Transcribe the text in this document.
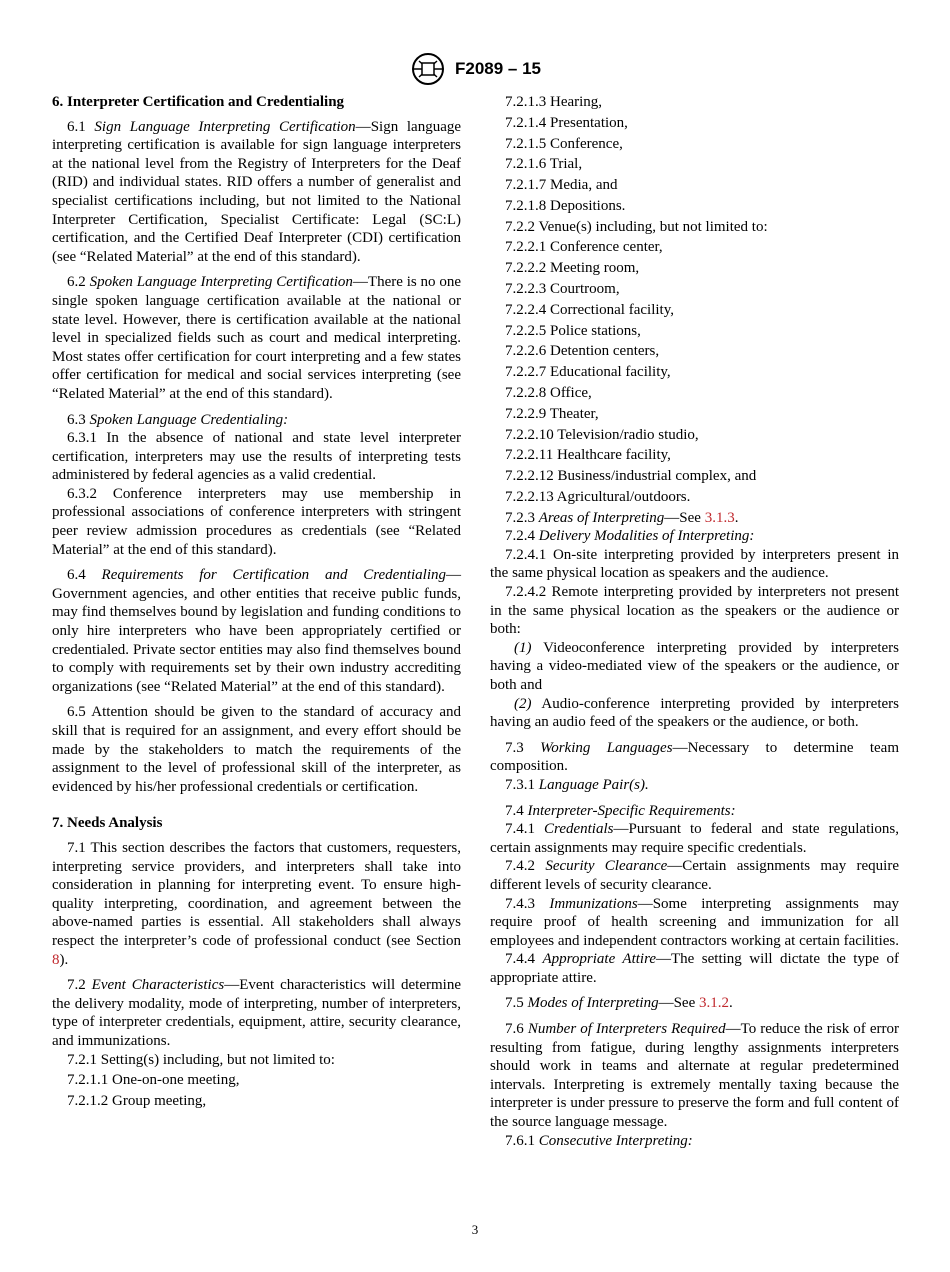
F2089 – 15
6. Interpreter Certification and Credentialing

6.1 Sign Language Interpreting Certification—Sign language interpreting certification is available for sign language interpreters at the national level from the Registry of Interpreters for the Deaf (RID) and individual states. RID offers a number of generalist and specialist certifications including, but not limited to the National Interpreter Certification, Specialist Certificate: Legal (SC:L) certification, and the Certified Deaf Interpreter (CDI) certification (see “Related Material” at the end of this standard).

6.2 Spoken Language Interpreting Certification—There is no one single spoken language certification available at the national or state level. However, there is certification available at the national level in specialized fields such as court and medical interpreting. Most states offer certification for court interpreting and a few states offer certification for medical and social services interpreting (see “Related Material” at the end of this standard).

6.3 Spoken Language Credentialing:

6.3.1 In the absence of national and state level interpreter certification, interpreters may use the results of interpreting tests administered by federal agencies as a valid credential.

6.3.2 Conference interpreters may use membership in professional associations of conference interpreters with stringent peer review admission procedures as credentials (see “Related Material” at the end of this standard).

6.4 Requirements for Certification and Credentialing—Government agencies, and other entities that receive public funds, may find themselves bound by legislation and funding conditions to only hire interpreters who have been appropriately certified or credentialed. Private sector entities may also find themselves bound to comply with requirements set by their own industry accrediting organizations (see “Related Material” at the end of this standard).

6.5 Attention should be given to the standard of accuracy and skill that is required for an assignment, and every effort should be made by the stakeholders to match the requirements of the assignment to the level of professional skill of the interpreter, as evidenced by his/her professional credentials or certification.

7. Needs Analysis

7.1 This section describes the factors that customers, requesters, interpreting service providers, and interpreters shall take into consideration in planning for interpreting event. To ensure high-quality interpreting, coordination, and agreement between the above-named parties is essential. All stakeholders shall always respect the interpreter’s code of professional conduct (see Section 8).

7.2 Event Characteristics—Event characteristics will determine the delivery modality, mode of interpreting, number of interpreters, type of interpreter credentials, equipment, attire, security clearance, and immunizations.

7.2.1 Setting(s) including, but not limited to:
7.2.1.1 One-on-one meeting,
7.2.1.2 Group meeting,
7.2.1.3 Hearing,
7.2.1.4 Presentation,
7.2.1.5 Conference,
7.2.1.6 Trial,
7.2.1.7 Media, and
7.2.1.8 Depositions.
7.2.2 Venue(s) including, but not limited to:
7.2.2.1 Conference center,
7.2.2.2 Meeting room,
7.2.2.3 Courtroom,
7.2.2.4 Correctional facility,
7.2.2.5 Police stations,
7.2.2.6 Detention centers,
7.2.2.7 Educational facility,
7.2.2.8 Office,
7.2.2.9 Theater,
7.2.2.10 Television/radio studio,
7.2.2.11 Healthcare facility,
7.2.2.12 Business/industrial complex, and
7.2.2.13 Agricultural/outdoors.

7.2.3 Areas of Interpreting—See 3.1.3.

7.2.4 Delivery Modalities of Interpreting:

7.2.4.1 On-site interpreting provided by interpreters present in the same physical location as speakers and the audience.

7.2.4.2 Remote interpreting provided by interpreters not present in the same physical location as the speakers or the audience or both:

(1) Videoconference interpreting provided by interpreters having a video-mediated view of the speakers or the audience, or both and

(2) Audio-conference interpreting provided by interpreters having an audio feed of the speakers or the audience, or both.

7.3 Working Languages—Necessary to determine team composition.

7.3.1 Language Pair(s).

7.4 Interpreter-Specific Requirements:

7.4.1 Credentials—Pursuant to federal and state regulations, certain assignments may require specific credentials.

7.4.2 Security Clearance—Certain assignments may require different levels of security clearance.

7.4.3 Immunizations—Some interpreting assignments may require proof of health screening and immunization for all employees and independent contractors working at certain facilities.

7.4.4 Appropriate Attire—The setting will dictate the type of appropriate attire.

7.5 Modes of Interpreting—See 3.1.2.

7.6 Number of Interpreters Required—To reduce the risk of error resulting from fatigue, during lengthy assignments interpreters should work in teams and alternate at regular predetermined intervals. Interpreting is extremely mentally taxing because the interpreter is under pressure to preserve the form and full content of the source language message.

7.6.1 Consecutive Interpreting:

3
